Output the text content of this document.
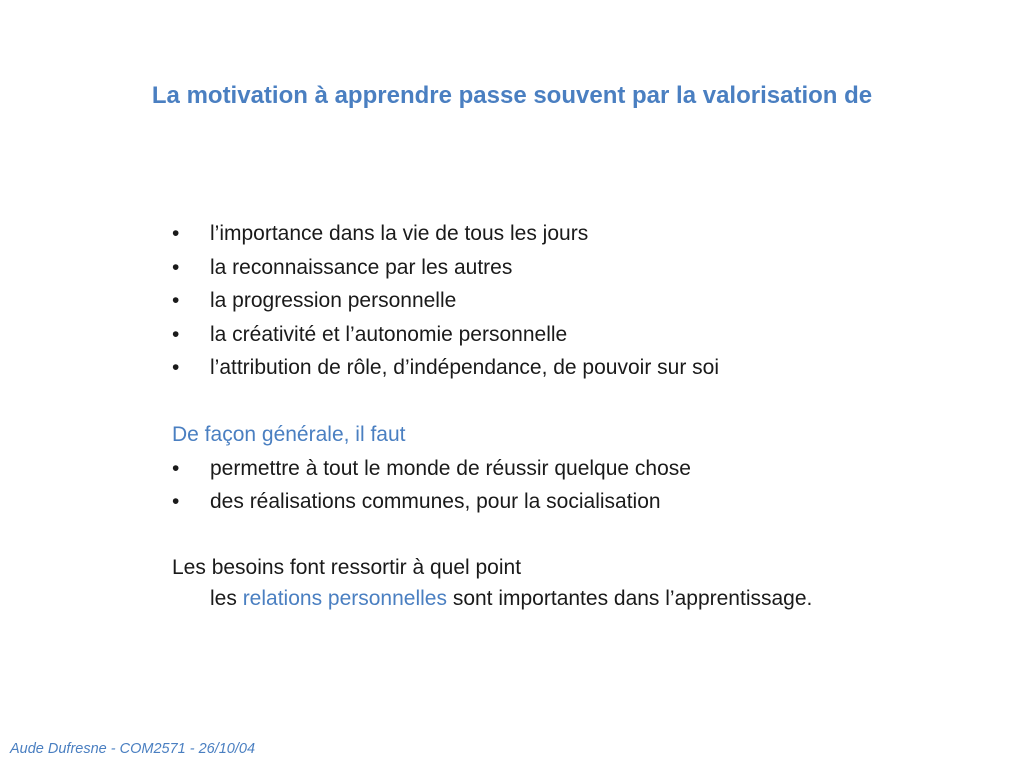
La motivation à apprendre passe souvent par la valorisation de
• l’importance dans la vie de tous les jours
• la reconnaissance par les autres
• la progression personnelle
• la créativité et l’autonomie personnelle
• l’attribution de rôle, d’indépendance, de pouvoir sur soi
De façon générale, il faut
• permettre à tout le monde de réussir quelque chose
• des réalisations communes, pour la socialisation
Les besoins font ressortir à quel point
les relations personnelles sont importantes dans l’apprentissage.
Aude Dufresne - COM2571 - 26/10/04
